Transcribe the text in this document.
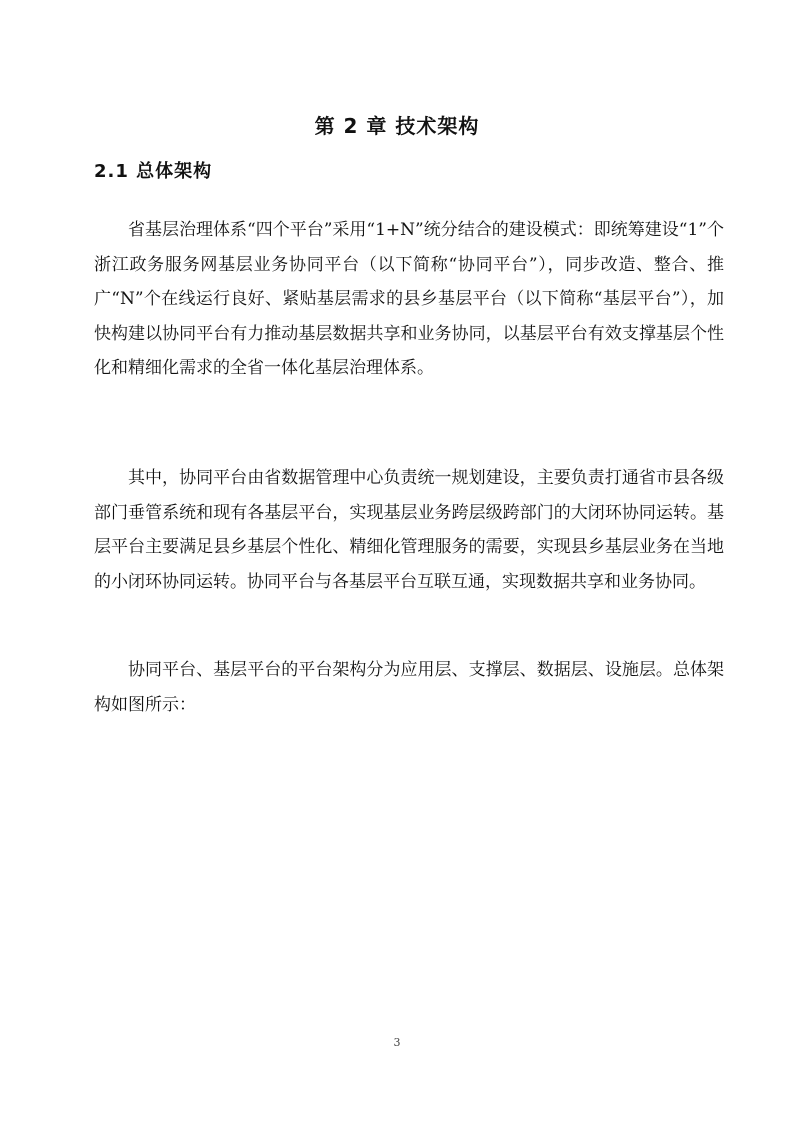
第 2 章 技术架构
2.1 总体架构

省基层治理体系“四个平台”采用“1+N”统分结合的建设模式：即统筹建设“1”个浙江政务服务网基层业务协同平台（以下简称“协同平台”），同步改造、整合、推广“N”个在线运行良好、紧贴基层需求的县乡基层平台（以下简称“基层平台”），加快构建以协同平台有力推动基层数据共享和业务协同，以基层平台有效支撑基层个性化和精细化需求的全省一体化基层治理体系。

其中，协同平台由省数据管理中心负责统一规划建设，主要负责打通省市县各级部门垂管系统和现有各基层平台，实现基层业务跨层级跨部门的大闭环协同运转。基层平台主要满足县乡基层个性化、精细化管理服务的需要，实现县乡基层业务在当地的小闭环协同运转。协同平台与各基层平台互联互通，实现数据共享和业务协同。

协同平台、基层平台的平台架构分为应用层、支撑层、数据层、设施层。总体架构如图所示：

3
